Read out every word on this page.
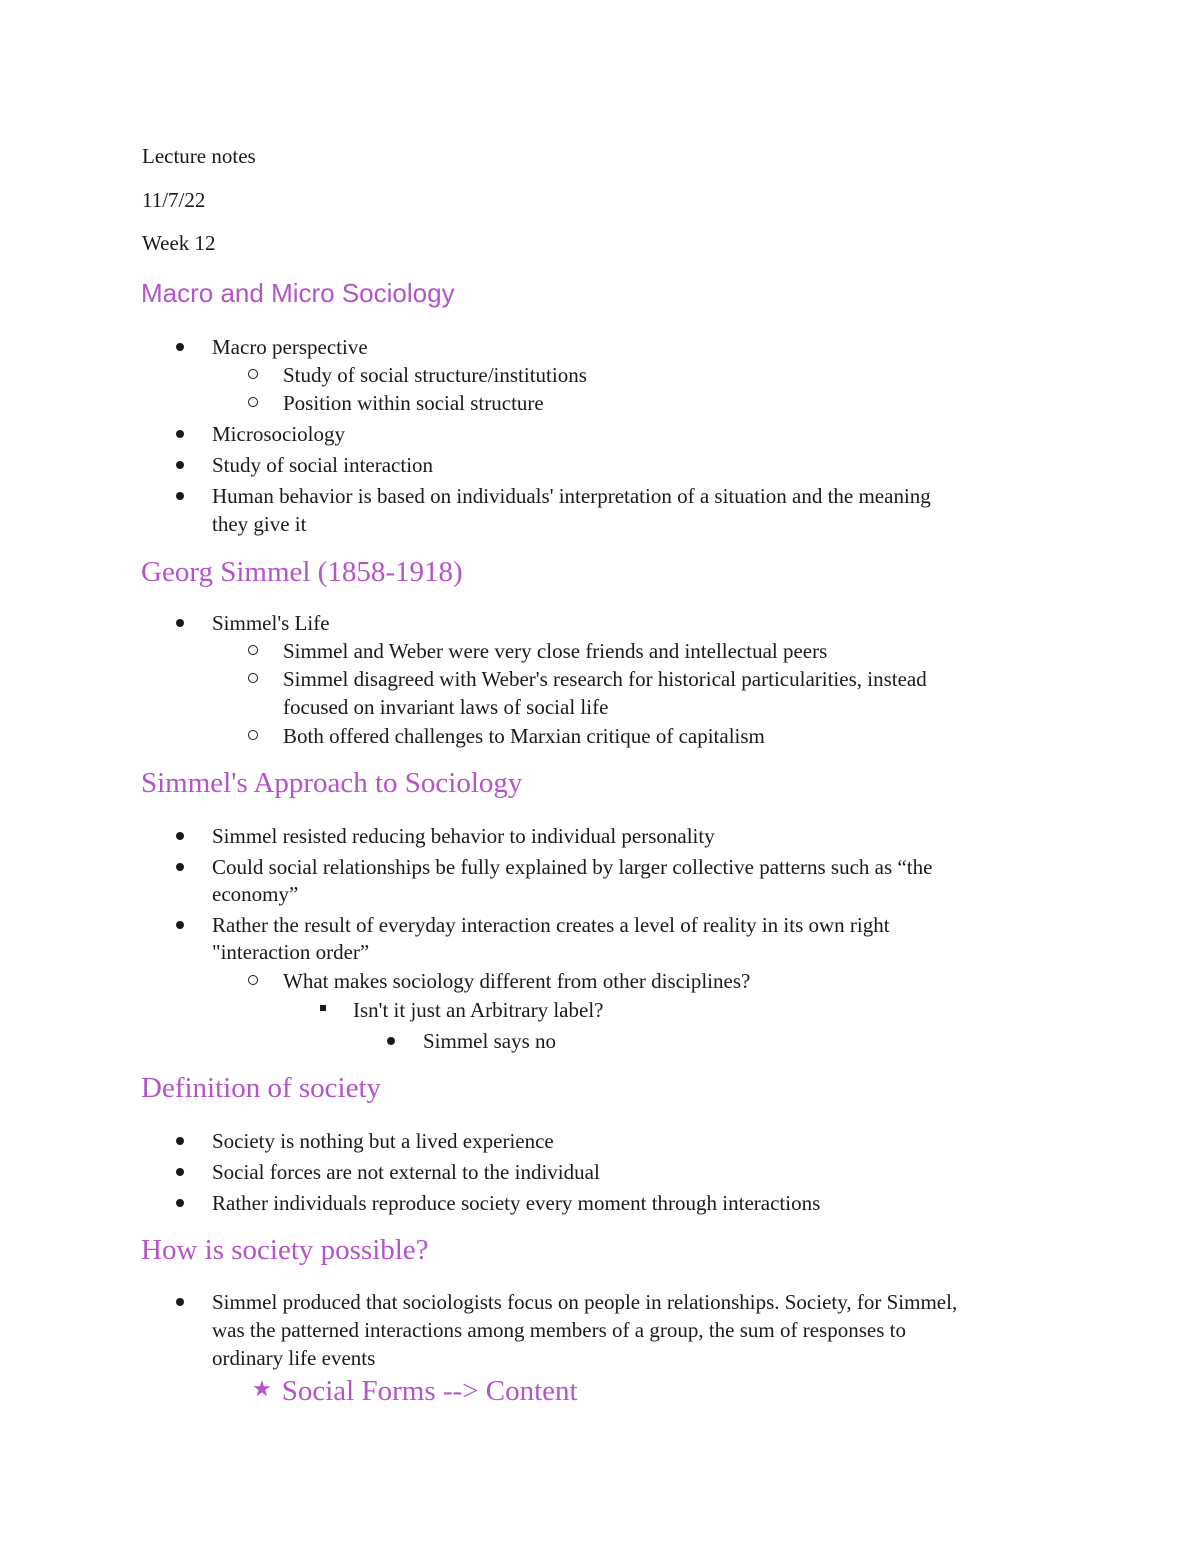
Lecture notes

11/7/22

Week 12

Macro and Micro Sociology
Macro perspective
Study of social structure/institutions
Position within social structure
Microsociology
Study of social interaction
Human behavior is based on individuals' interpretation of a situation and the meaning
they give it
Georg Simmel (1858-1918)
Simmel's Life
Simmel and Weber were very close friends and intellectual peers
Simmel disagreed with Weber's research for historical particularities, instead
focused on invariant laws of social life
Both offered challenges to Marxian critique of capitalism
Simmel's Approach to Sociology
Simmel resisted reducing behavior to individual personality
Could social relationships be fully explained by larger collective patterns such as “the
economy”
Rather the result of everyday interaction creates a level of reality in its own right
"interaction order”
What makes sociology different from other disciplines?
Isn't it just an Arbitrary label?
Simmel says no
Definition of society
Society is nothing but a lived experience
Social forces are not external to the individual
Rather individuals reproduce society every moment through interactions
How is society possible?
Simmel produced that sociologists focus on people in relationships. Society, for Simmel,
was the patterned interactions among members of a group, the sum of responses to
ordinary life events
★ Social Forms --> Content
